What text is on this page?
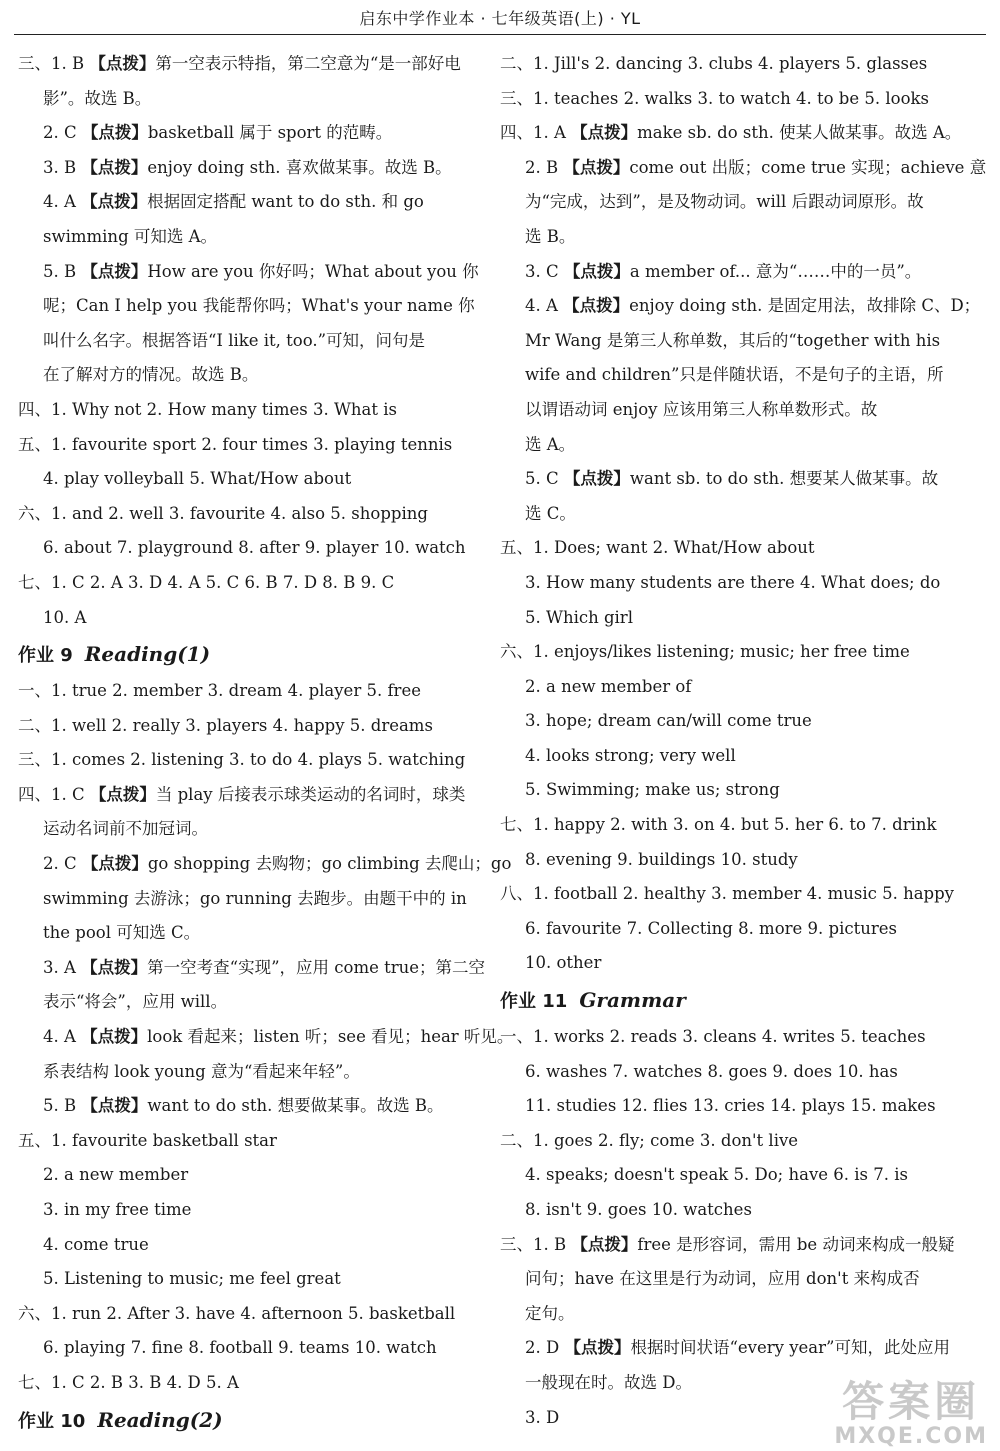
启东中学作业本 · 七年级英语(上) · YL
三、1. B 【点拨】第一空表示特指，第二空意为“是一部好电
影”。故选 B。
2. C 【点拨】basketball 属于 sport 的范畴。
3. B 【点拨】enjoy doing sth. 喜欢做某事。故选 B。
4. A 【点拨】根据固定搭配 want to do sth. 和 go
swimming 可知选 A。
5. B 【点拨】How are you 你好吗；What about you 你
呢；Can I help you 我能帮你吗；What's your name 你
叫什么名字。根据答语“I like it, too.”可知，问句是
在了解对方的情况。故选 B。
四、1. Why not 2. How many times 3. What is
五、1. favourite sport 2. four times 3. playing tennis
4. play volleyball 5. What/How about
六、1. and 2. well 3. favourite 4. also 5. shopping
6. about 7. playground 8. after 9. player 10. watch
七、1. C 2. A 3. D 4. A 5. C 6. B 7. D 8. B 9. C
10. A
作业 9 Reading(1)
一、1. true 2. member 3. dream 4. player 5. free
二、1. well 2. really 3. players 4. happy 5. dreams
三、1. comes 2. listening 3. to do 4. plays 5. watching
四、1. C 【点拨】当 play 后接表示球类运动的名词时，球类
运动名词前不加冠词。
2. C 【点拨】go shopping 去购物；go climbing 去爬山；go
swimming 去游泳；go running 去跑步。由题干中的 in
the pool 可知选 C。
3. A 【点拨】第一空考查“实现”，应用 come true；第二空
表示“将会”，应用 will。
4. A 【点拨】look 看起来；listen 听；see 看见；hear 听见。
系表结构 look young 意为“看起来年轻”。
5. B 【点拨】want to do sth. 想要做某事。故选 B。
五、1. favourite basketball star
2. a new member
3. in my free time
4. come true
5. Listening to music; me feel great
六、1. run 2. After 3. have 4. afternoon 5. basketball
6. playing 7. fine 8. football 9. teams 10. watch
七、1. C 2. B 3. B 4. D 5. A
作业 10 Reading(2)
二、1. Jill's 2. dancing 3. clubs 4. players 5. glasses
三、1. teaches 2. walks 3. to watch 4. to be 5. looks
四、1. A 【点拨】make sb. do sth. 使某人做某事。故选 A。
2. B 【点拨】come out 出版；come true 实现；achieve 意
为“完成，达到”，是及物动词。will 后跟动词原形。故
选 B。
3. C 【点拨】a member of... 意为“……中的一员”。
4. A 【点拨】enjoy doing sth. 是固定用法，故排除 C、D；
Mr Wang 是第三人称单数，其后的“together with his
wife and children”只是伴随状语，不是句子的主语，所
以谓语动词 enjoy 应该用第三人称单数形式。故
选 A。
5. C 【点拨】want sb. to do sth. 想要某人做某事。故
选 C。
五、1. Does; want 2. What/How about
3. How many students are there 4. What does; do
5. Which girl
六、1. enjoys/likes listening; music; her free time
2. a new member of
3. hope; dream can/will come true
4. looks strong; very well
5. Swimming; make us; strong
七、1. happy 2. with 3. on 4. but 5. her 6. to 7. drink
8. evening 9. buildings 10. study
八、1. football 2. healthy 3. member 4. music 5. happy
6. favourite 7. Collecting 8. more 9. pictures
10. other
作业 11 Grammar
一、1. works 2. reads 3. cleans 4. writes 5. teaches
6. washes 7. watches 8. goes 9. does 10. has
11. studies 12. flies 13. cries 14. plays 15. makes
二、1. goes 2. fly; come 3. don't live
4. speaks; doesn't speak 5. Do; have 6. is 7. is
8. isn't 9. goes 10. watches
三、1. B 【点拨】free 是形容词，需用 be 动词来构成一般疑
问句；have 在这里是行为动词，应用 don't 来构成否
定句。
2. D 【点拨】根据时间状语“every year”可知，此处应用
一般现在时。故选 D。
3. D	答案圈
MXQE.COM
